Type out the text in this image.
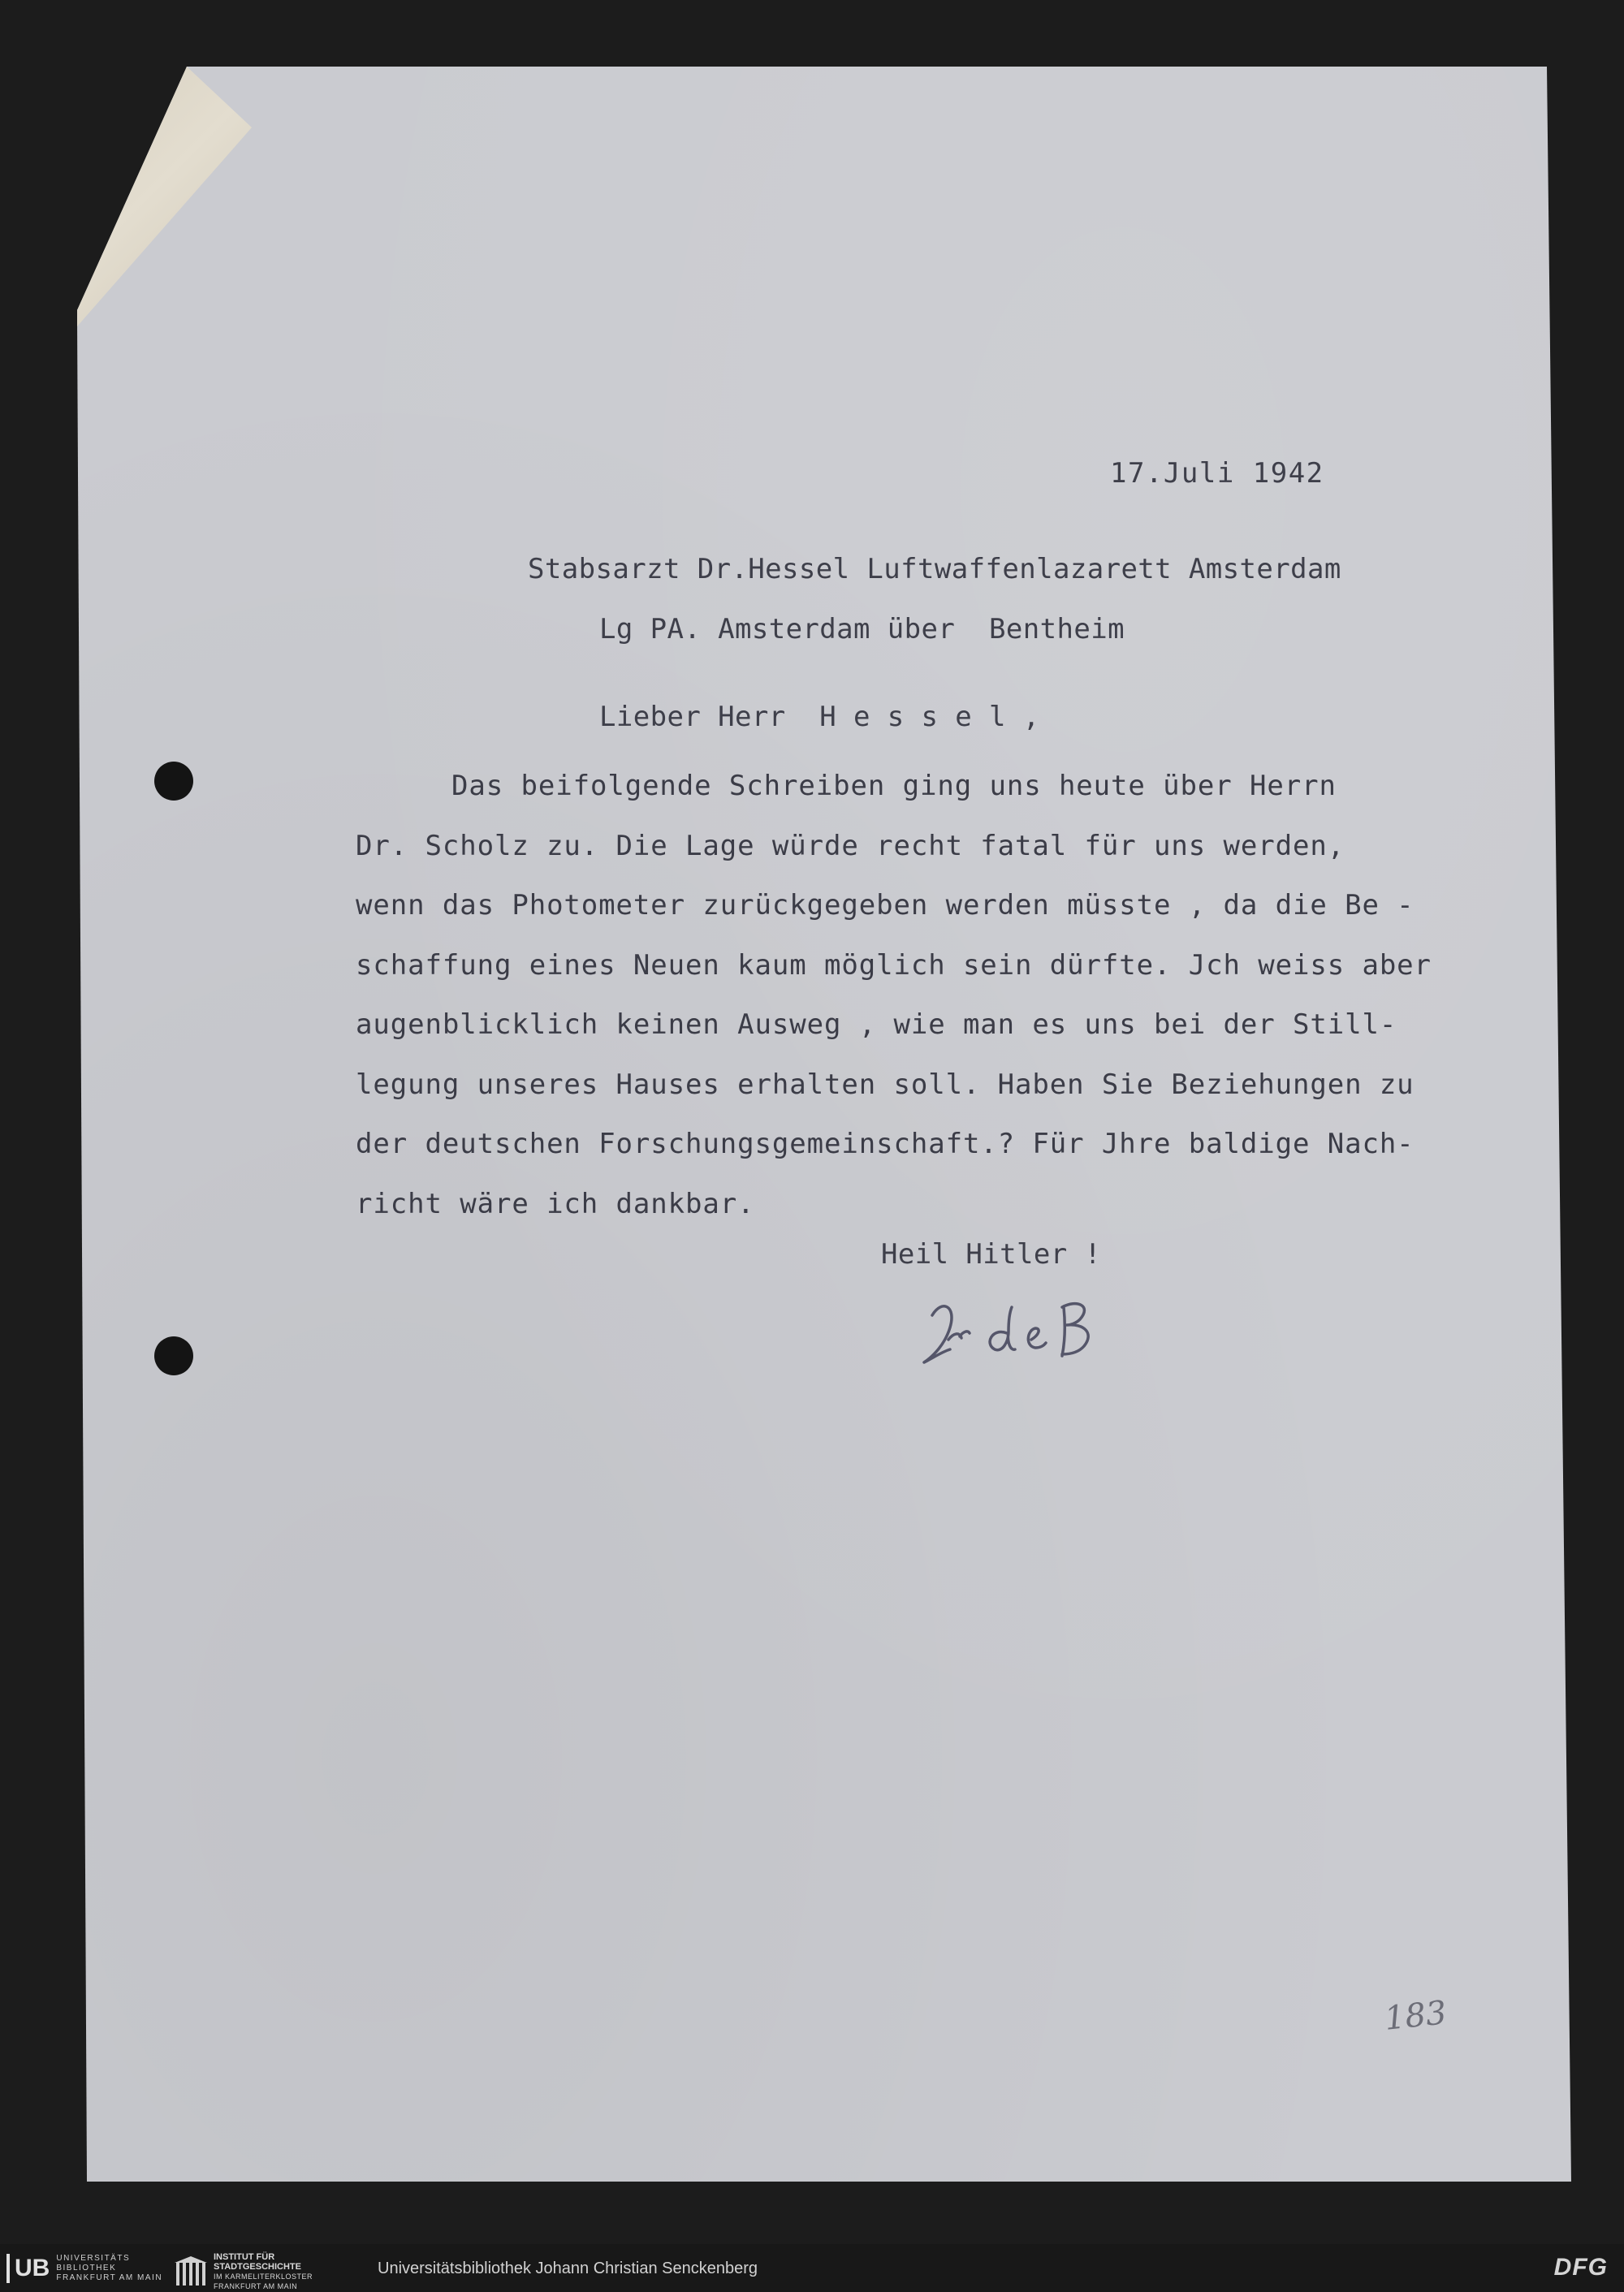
17.Juli 1942
Stabsarzt Dr.Hessel Luftwaffenlazarett Amsterdam
Lg PA. Amsterdam über  Bentheim
Lieber Herr  H e s s e l ,
Das beifolgende Schreiben ging uns heute über Herrn
Dr. Scholz zu. Die Lage würde recht fatal für uns werden,
wenn das Photometer zurückgegeben werden müsste , da die Be -
schaffung eines Neuen kaum möglich sein dürfte. Jch weiss aber
augenblicklich keinen Ausweg , wie man es uns bei der Still-
legung unseres Hauses erhalten soll. Haben Sie Beziehungen zu
der deutschen Forschungsgemeinschaft.? Für Jhre baldige Nach-
richt wäre ich dankbar.
Heil Hitler !
183
UB UNIVERSITÄTS
BIBLIOTHEK
FRANKFURT AM MAIN
INSTITUT FÜR
STADTGESCHICHTE
IM KARMELITERKLOSTER
FRANKFURT AM MAIN
Universitätsbibliothek Johann Christian Senckenberg	DFG
